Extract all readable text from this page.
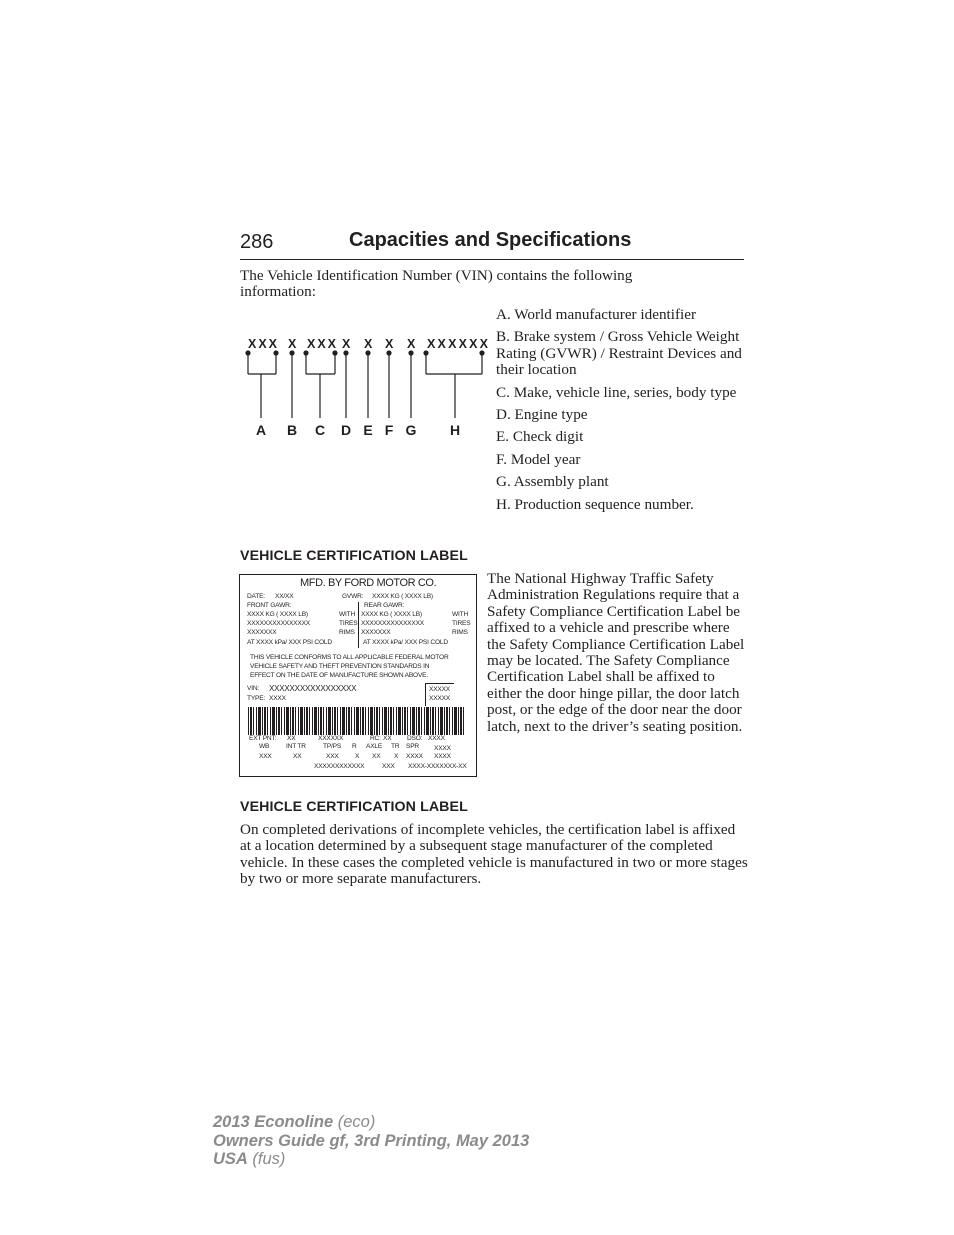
286	Capacities and Specifications
The Vehicle Identification Number (VIN) contains the following information:
XXX X XXX X X X X XXXXXX
A B C D E F G H
A. World manufacturer identifier
B. Brake system / Gross Vehicle Weight Rating (GVWR) / Restraint Devices and their location
C. Make, vehicle line, series, body type
D. Engine type
E. Check digit
F. Model year
G. Assembly plant
H. Production sequence number.
VEHICLE CERTIFICATION LABEL
MFD. BY FORD MOTOR CO.
DATE: XX/XX	GVWR: XXXX KG ( XXXX LB)
FRONT GAWR:	REAR GAWR:
XXXX KG ( XXXX LB)	WITH XXXX KG ( XXXX LB)	WITH
XXXXXXXXXXXXXXX	TIRES XXXXXXXXXXXXXXX	TIRES
XXXXXXX	RIMS XXXXXXX	RIMS
AT XXXX kPa/ XXX PSI COLD	AT XXXX kPa/ XXX PSI COLD
THIS VEHICLE CONFORMS TO ALL APPLICABLE FEDERAL MOTOR
VEHICLE SAFETY AND THEFT PREVENTION STANDARDS IN
EFFECT ON THE DATE OF MANUFACTURE SHOWN ABOVE.
VIN: XXXXXXXXXXXXXXXXX
TYPE: XXXX
XXXXX
XXXXX
EXT PNT: XX	XXXXXX	RC: XX DSO: XXXX
WB	INT TR	TP/PS R AXLE TR SPR XXXX
XXX	XX	XXX X XX X XXXX XXXX
XXXXXXXXXXXX	XXX XXXX-XXXXXXX-XX
The National Highway Traffic Safety Administration Regulations require that a Safety Compliance Certification Label be affixed to a vehicle and prescribe where the Safety Compliance Certification Label may be located. The Safety Compliance Certification Label shall be affixed to either the door hinge pillar, the door latch post, or the edge of the door near the door latch, next to the driver’s seating position.
VEHICLE CERTIFICATION LABEL
On completed derivations of incomplete vehicles, the certification label is affixed at a location determined by a subsequent stage manufacturer of the completed vehicle. In these cases the completed vehicle is manufactured in two or more stages by two or more separate manufacturers.
2013 Econoline (eco)
Owners Guide gf, 3rd Printing, May 2013
USA (fus)
